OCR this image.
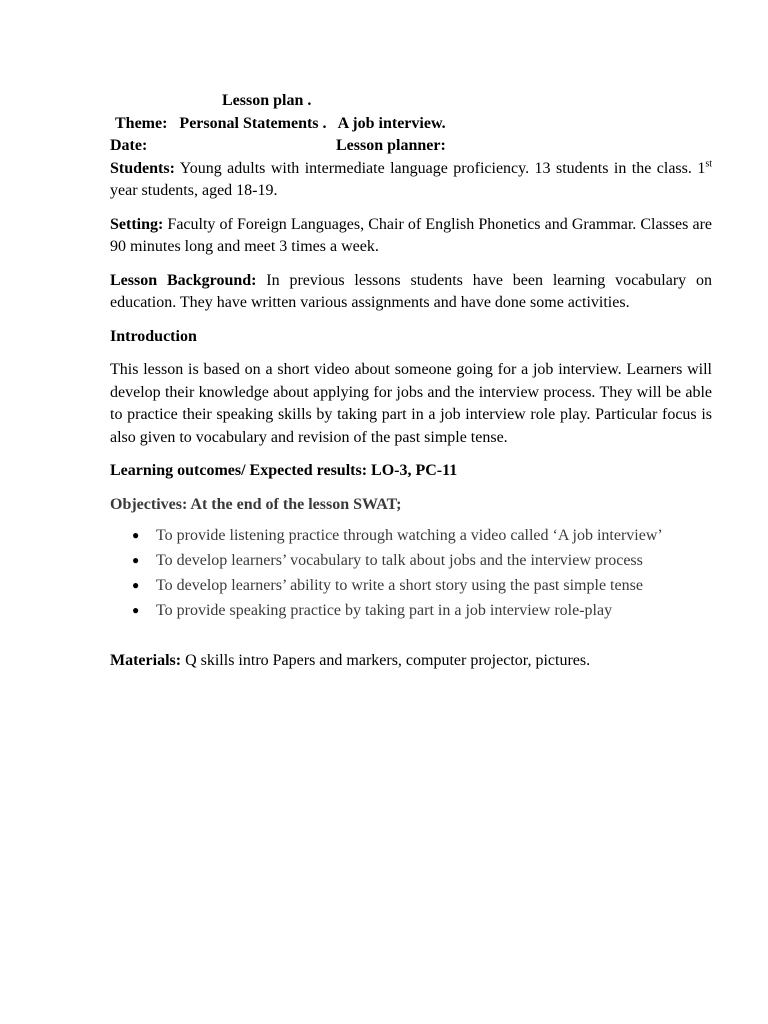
Lesson plan .
Theme:   Personal Statements .   A job interview.
Date:	Lesson planner:

Students: Young adults with intermediate language proficiency. 13 students in the class. 1st year students, aged 18-19.

Setting: Faculty of Foreign Languages, Chair of English Phonetics and Grammar. Classes are 90 minutes long and meet 3 times a week.

Lesson Background: In previous lessons students have been learning vocabulary on education. They have written various assignments and have done some activities.

Introduction

This lesson is based on a short video about someone going for a job interview. Learners will develop their knowledge about applying for jobs and the interview process. They will be able to practice their speaking skills by taking part in a job interview role play. Particular focus is also given to vocabulary and revision of the past simple tense.

Learning outcomes/ Expected results: LO-3, PC-11

Objectives: At the end of the lesson SWAT;

● To provide listening practice through watching a video called ‘A job interview’
● To develop learners’ vocabulary to talk about jobs and the interview process
● To develop learners’ ability to write a short story using the past simple tense
● To provide speaking practice by taking part in a job interview role-play

Materials: Q skills intro Papers and markers, computer projector, pictures.
